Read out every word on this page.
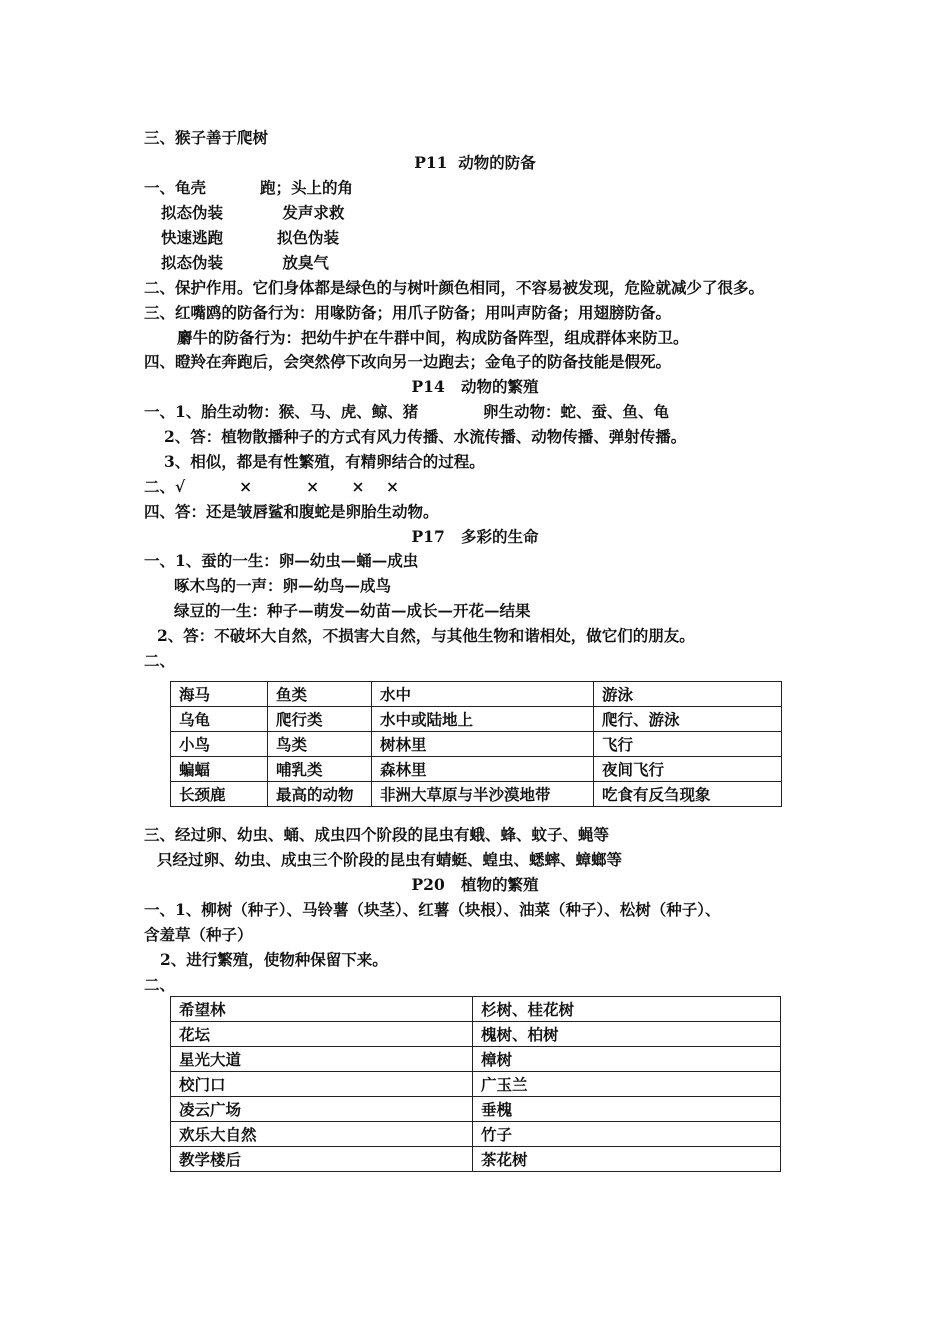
三、猴子善于爬树
P11  动物的防备
一、龟壳          跑；头上的角
拟态伪装           发声求救
快速逃跑          拟色伪装
拟态伪装           放臭气
二、保护作用。它们身体都是绿色的与树叶颜色相同，不容易被发现，危险就减少了很多。
三、红嘴鸥的防备行为：用喙防备；用爪子防备；用叫声防备；用翅膀防备。
麝牛的防备行为：把幼牛护在牛群中间，构成防备阵型，组成群体来防卫。
四、瞪羚在奔跑后，会突然停下改向另一边跑去；金龟子的防备技能是假死。
P14   动物的繁殖
一、1、胎生动物：猴、马、虎、鲸、猪            卵生动物：蛇、蚕、鱼、龟
2、答：植物散播种子的方式有风力传播、水流传播、动物传播、弹射传播。
3、相似，都是有性繁殖，有精卵结合的过程。
二、√          ×          ×      ×    ×
四、答：还是皱唇鲨和腹蛇是卵胎生动物。
P17   多彩的生命
一、1、蚕的一生：卵—幼虫—蛹—成虫
啄木鸟的一声：卵—幼鸟—成鸟
绿豆的一生：种子—萌发—幼苗—成长—开花—结果
2、答：不破坏大自然，不损害大自然，与其他生物和谐相处，做它们的朋友。
二、
海马	鱼类	水中	游泳
乌龟	爬行类	水中或陆地上	爬行、游泳
小鸟	鸟类	树林里	飞行
蝙蝠	哺乳类	森林里	夜间飞行
长颈鹿	最高的动物	非洲大草原与半沙漠地带	吃食有反刍现象
三、经过卵、幼虫、蛹、成虫四个阶段的昆虫有蛾、蜂、蚊子、蝇等
只经过卵、幼虫、成虫三个阶段的昆虫有蜻蜓、蝗虫、蟋蟀、蟑螂等
P20   植物的繁殖
一、1、柳树（种子）、马铃薯（块茎）、红薯（块根）、油菜（种子）、松树（种子）、
含羞草（种子）
2、进行繁殖，使物种保留下来。
二、
希望林	杉树、桂花树
花坛	槐树、柏树
星光大道	樟树
校门口	广玉兰
凌云广场	垂槐
欢乐大自然	竹子
教学楼后	茶花树
